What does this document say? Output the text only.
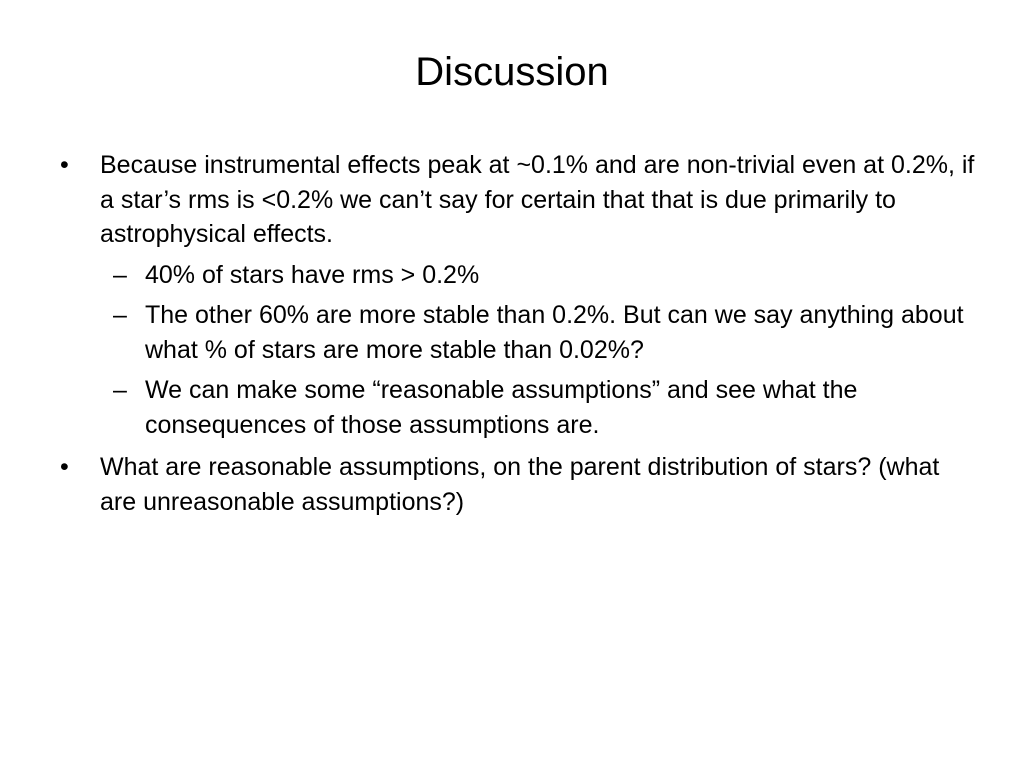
Discussion
• Because instrumental effects peak at ~0.1% and are non-trivial even at 0.2%, if a star’s rms is <0.2% we can’t say for certain that that is due primarily to astrophysical effects.
– 40% of stars have rms > 0.2%
– The other 60% are more stable than 0.2%. But can we say anything about what % of stars are more stable than 0.02%?
– We can make some “reasonable assumptions” and see what the consequences of those assumptions are.
• What are reasonable assumptions, on the parent distribution of stars? (what are unreasonable assumptions?)
